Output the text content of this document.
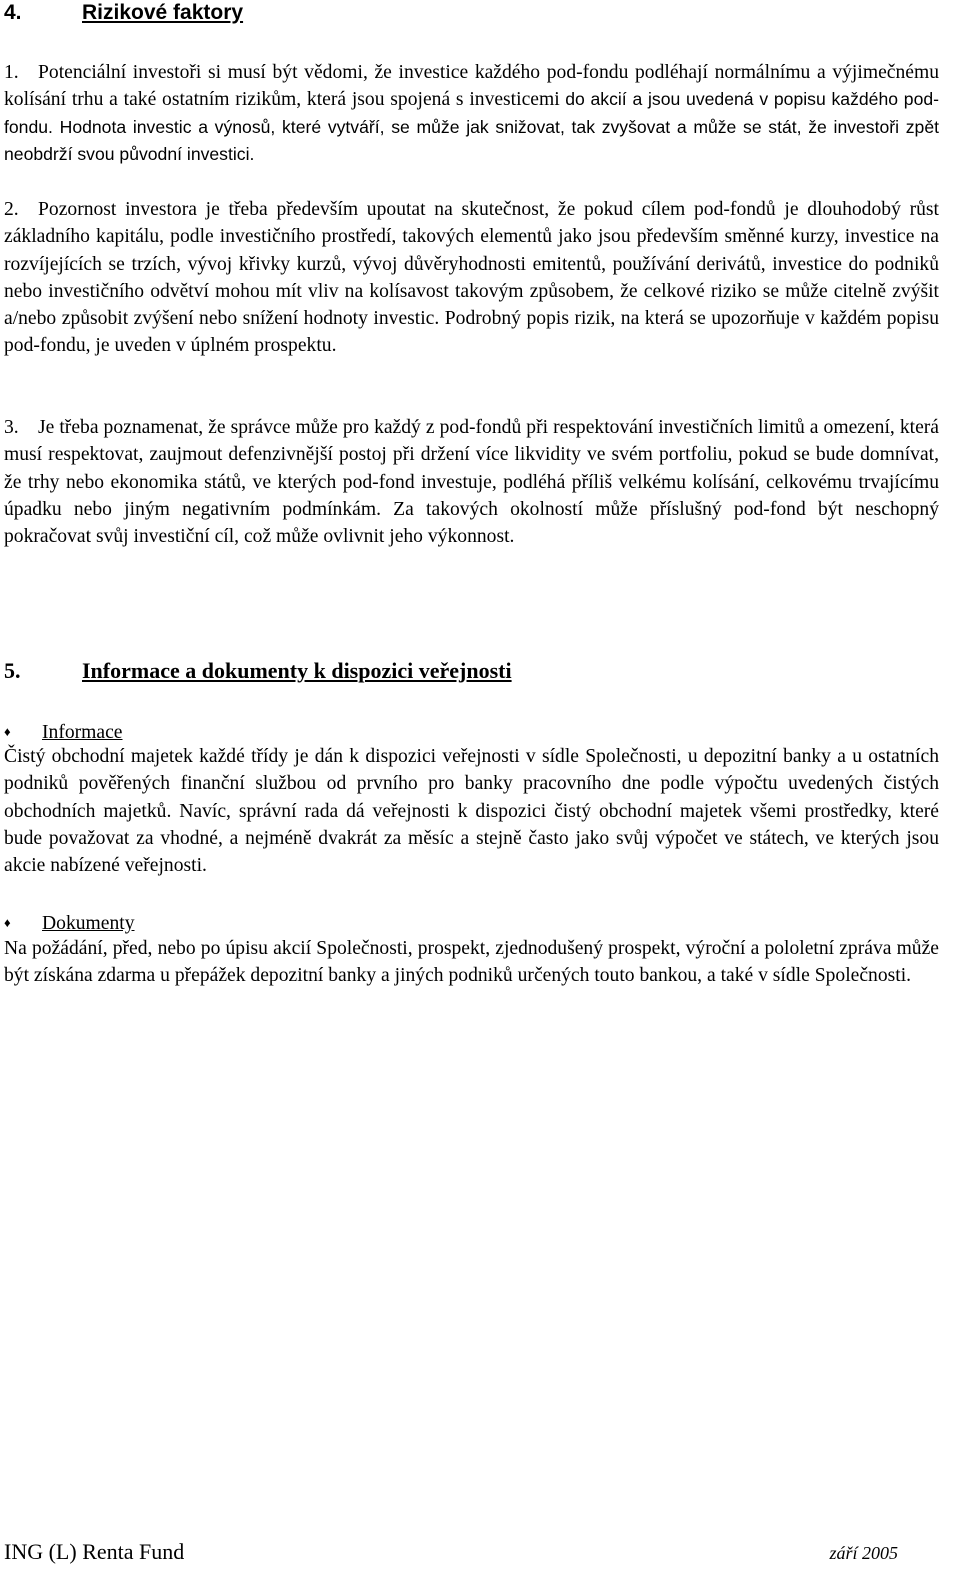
4.	Rizikové faktory

1. Potenciální investoři si musí být vědomi, že investice každého pod-fondu podléhají normálnímu a výjimečnému kolísání trhu a také ostatním rizikům, která jsou spojená s investicemi do akcií a jsou uvedená v popisu každého pod-fondu. Hodnota investic a výnosů, které vytváří, se může jak snižovat, tak zvyšovat a může se stát, že investoři zpět neobdrží svou původní investici.

2. Pozornost investora je třeba především upoutat na skutečnost, že pokud cílem pod-fondů je dlouhodobý růst základního kapitálu, podle investičního prostředí, takových elementů jako jsou především směnné kurzy, investice na rozvíjejících se trzích, vývoj křivky kurzů, vývoj důvěryhodnosti emitentů, používání derivátů, investice do podniků nebo investičního odvětví mohou mít vliv na kolísavost takovým způsobem, že celkové riziko se může citelně zvýšit a/nebo způsobit zvýšení nebo snížení hodnoty investic. Podrobný popis rizik, na která se upozorňuje v každém popisu pod-fondu, je uveden v úplném prospektu.

3. Je třeba poznamenat, že správce může pro každý z pod-fondů při respektování investičních limitů a omezení, která musí respektovat, zaujmout defenzivnější postoj při držení více likvidity ve svém portfoliu, pokud se bude domnívat, že trhy nebo ekonomika států, ve kterých pod-fond investuje, podléhá příliš velkému kolísání, celkovému trvajícímu úpadku nebo jiným negativním podmínkám. Za takových okolností může příslušný pod-fond být neschopný pokračovat svůj investiční cíl, což může ovlivnit jeho výkonnost.

5.	Informace a dokumenty k dispozici veřejnosti
♦ Informace

Čistý obchodní majetek každé třídy je dán k dispozici veřejnosti v sídle Společnosti, u depozitní banky a u ostatních podniků pověřených finanční službou od prvního pro banky pracovního dne podle výpočtu uvedených čistých obchodních majetků. Navíc, správní rada dá veřejnosti k dispozici čistý obchodní majetek všemi prostředky, které bude považovat za vhodné, a nejméně dvakrát za měsíc a stejně často jako svůj výpočet ve státech, ve kterých jsou akcie nabízené veřejnosti.

♦ Dokumenty

Na požádání, před, nebo po úpisu akcií Společnosti, prospekt, zjednodušený prospekt, výroční a pololetní zpráva může být získána zdarma u přepážek depozitní banky a jiných podniků určených touto bankou, a také v sídle Společnosti.

ING (L) Renta Fund	září 2005
